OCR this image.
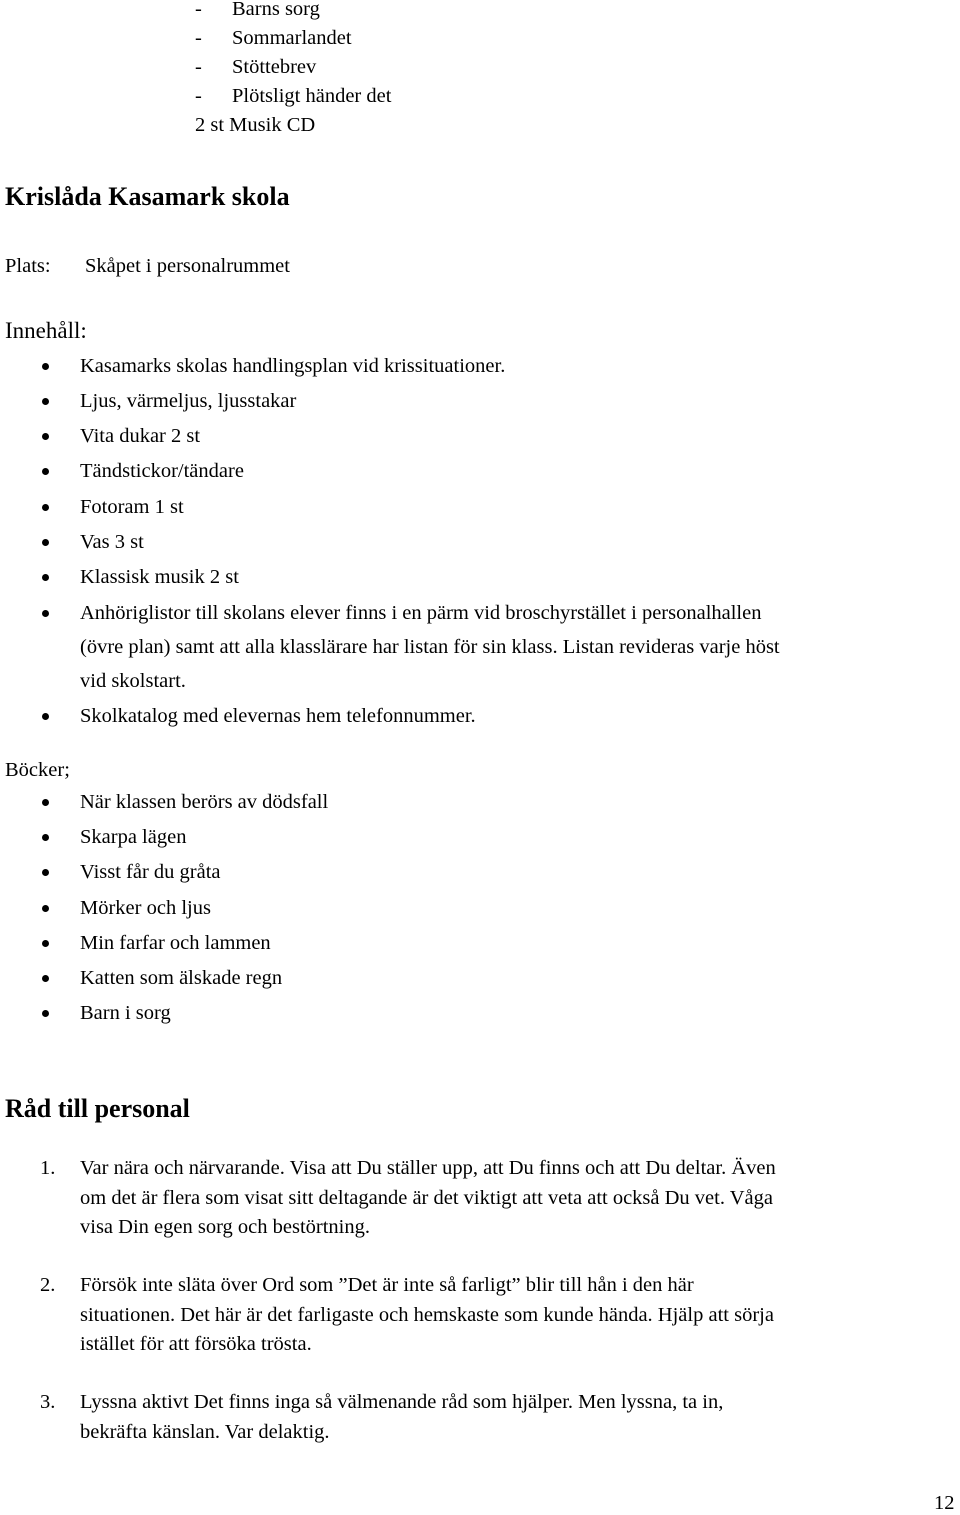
- Barns sorg
- Sommarlandet
- Stöttebrev
- Plötsligt händer det
2 st Musik CD
Krislåda Kasamark skola
Plats: Skåpet i personalrummet
Innehåll:
Kasamarks skolas handlingsplan vid krissituationer.
Ljus, värmeljus, ljusstakar
Vita dukar 2 st
Tändstickor/tändare
Fotoram 1 st
Vas 3 st
Klassisk musik 2 st
Anhöriglistor till skolans elever finns i en pärm vid broschyrstället i personalhallen
(övre plan) samt att alla klasslärare har listan för sin klass. Listan revideras varje höst
vid skolstart.
Skolkatalog med elevernas hem telefonnummer.
Böcker;
När klassen berörs av dödsfall
Skarpa lägen
Visst får du gråta
Mörker och ljus
Min farfar och lammen
Katten som älskade regn
Barn i sorg
Råd till personal
1. Var nära och närvarande. Visa att Du ställer upp, att Du finns och att Du deltar. Även
om det är flera som visat sitt deltagande är det viktigt att veta att också Du vet. Våga
visa Din egen sorg och bestörtning.
2. Försök inte släta över Ord som ”Det är inte så farligt” blir till hån i den här
situationen. Det här är det farligaste och hemskaste som kunde hända. Hjälp att sörja
istället för att försöka trösta.
3. Lyssna aktivt Det finns inga så välmenande råd som hjälper. Men lyssna, ta in,
bekräfta känslan. Var delaktig.
12
